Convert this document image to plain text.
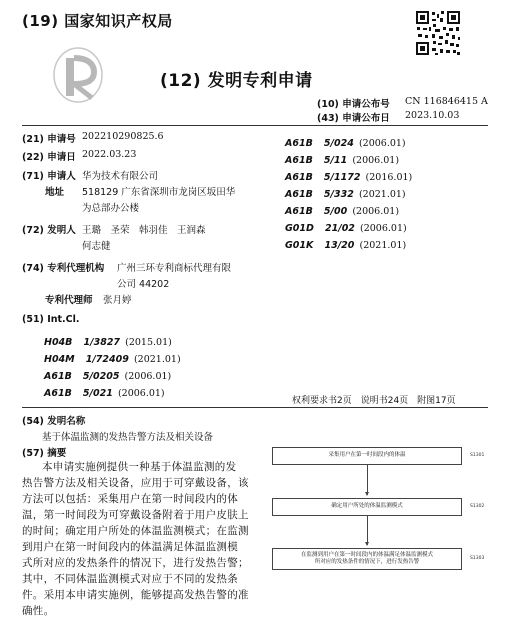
(19) 国家知识产权局
(12) 发明专利申请
(10) 申请公布号 CN 116846415 A
(43) 申请公布日 2023.10.03
(21) 申请号 202210290825.6
(22) 申请日 2022.03.23
(71) 申请人 华为技术有限公司
地址 518129 广东省深圳市龙岗区坂田华
为总部办公楼
(72) 发明人 王璐　圣荣　韩羽佳　王润森
何志健
(74) 专利代理机构 广州三环专利商标代理有限
公司 44202
专利代理师 张月婷
(51) Int.Cl.
H04B 1/3827 (2015.01)
H04M 1/72409 (2021.01)
A61B 5/0205 (2006.01)
A61B 5/021 (2006.01)
A61B 5/024 (2006.01)
A61B 5/11 (2006.01)
A61B 5/1172 (2016.01)
A61B 5/332 (2021.01)
A61B 5/00 (2006.01)
G01D 21/02 (2006.01)
G01K 13/20 (2021.01)
权利要求书2页　说明书24页　附图17页
(54) 发明名称
基于体温监测的发热告警方法及相关设备
(57) 摘要
本申请实施例提供一种基于体温监测的发
热告警方法及相关设备，应用于可穿戴设备，该
方法可以包括：采集用户在第一时间段内的体
温，第一时间段为可穿戴设备附着于用户皮肤上
的时间；确定用户所处的体温监测模式；在监测
到用户在第一时间段内的体温满足体温监测模
式所对应的发热条件的情况下，进行发热告警；
其中，不同体温监测模式对应于不同的发热条
件。采用本申请实施例，能够提高发热告警的准
确性。
采集用户在第一时间段内的体温	S1301
确定用户所处的体温监测模式	S1302
在监测到用户在第一时间段内的体温满足体温监测模式
所对应的发热条件的情况下，进行发热告警
S1303
